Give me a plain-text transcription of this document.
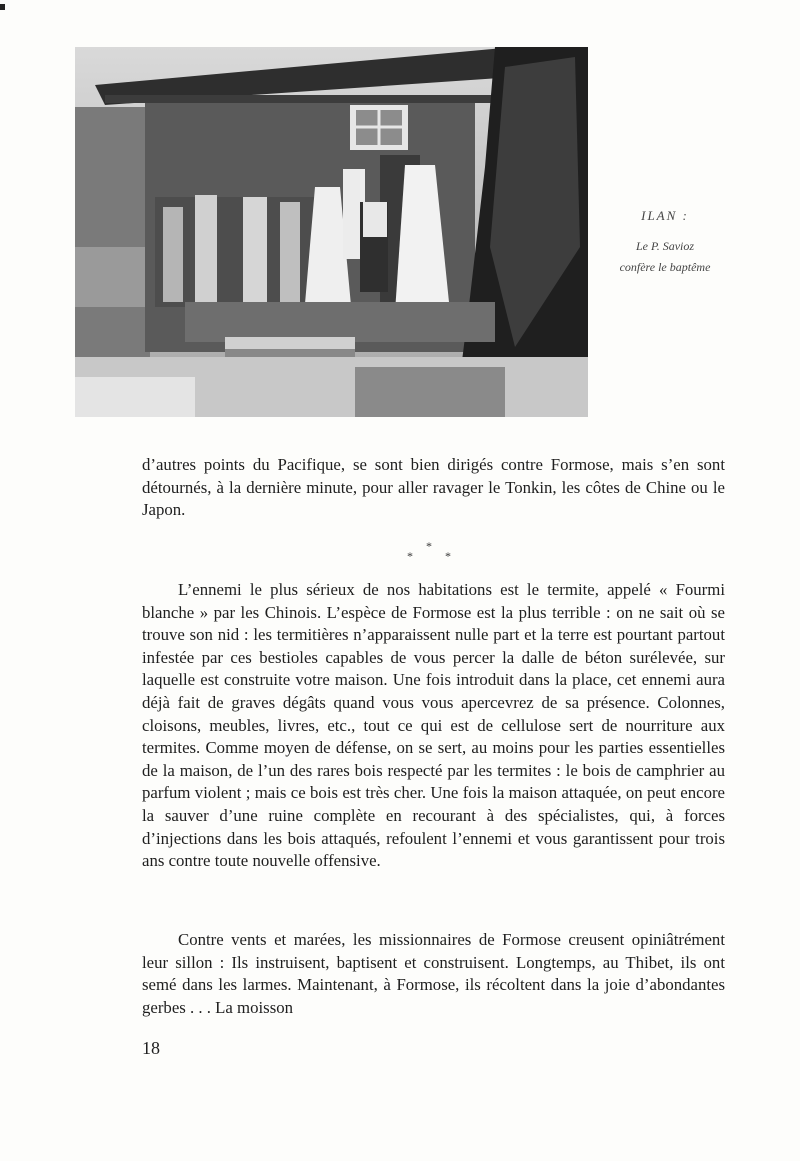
ILAN :
Le P. Savioz
confère le baptême

d’autres points du Pacifique, se sont bien dirigés contre Formose, mais s’en sont détournés, à la dernière minute, pour aller ravager le Tonkin, les côtes de Chine ou le Japon.

*
*	*

L’ennemi le plus sérieux de nos habitations est le termite, appelé « Fourmi blanche » par les Chinois. L’espèce de Formose est la plus terrible : on ne sait où se trouve son nid : les termitières n’apparaissent nulle part et la terre est pourtant partout infestée par ces bestioles capables de vous percer la dalle de béton surélevée, sur laquelle est construite votre maison. Une fois introduit dans la place, cet ennemi aura déjà fait de graves dégâts quand vous vous apercevrez de sa présence. Colonnes, cloisons, meubles, livres, etc., tout ce qui est de cellulose sert de nourriture aux termites. Comme moyen de défense, on se sert, au moins pour les parties essentielles de la maison, de l’un des rares bois respecté par les termites : le bois de camphrier au parfum violent ; mais ce bois est très cher. Une fois la maison attaquée, on peut encore la sauver d’une ruine complète en recourant à des spécialistes, qui, à forces d’injections dans les bois attaqués, refoulent l’ennemi et vous garantissent pour trois ans contre toute nouvelle offensive.

Contre vents et marées, les missionnaires de Formose creusent opiniâtrément leur sillon : Ils instruisent, baptisent et construisent. Longtemps, au Thibet, ils ont semé dans les larmes. Maintenant, à Formose, ils récoltent dans la joie d’abondantes gerbes . . . La moisson

18
